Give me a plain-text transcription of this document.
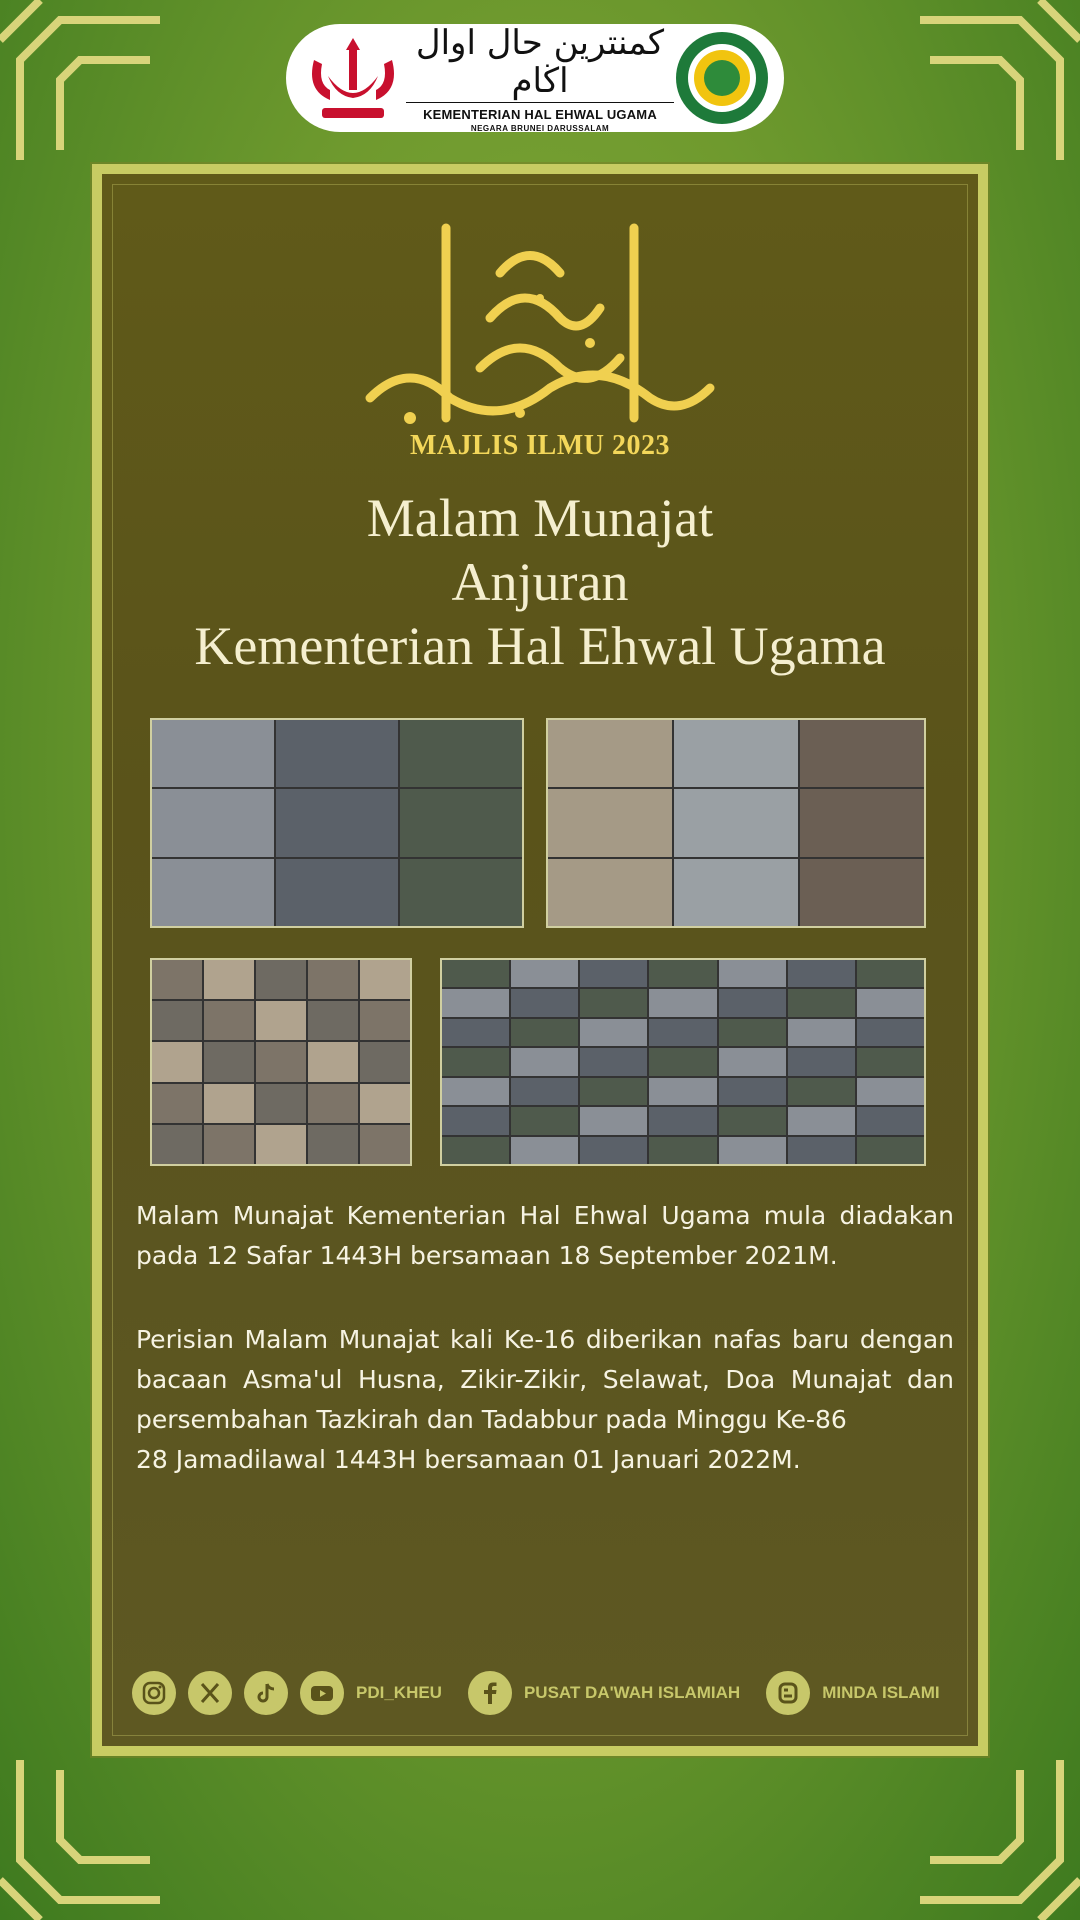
كمنترين حال اوال اڬام
KEMENTERIAN HAL EHWAL UGAMA
NEGARA BRUNEI DARUSSALAM
MAJLIS ILMU 2023
Malam Munajat
Anjuran
Kementerian Hal Ehwal Ugama

Malam Munajat Kementerian Hal Ehwal Ugama mula diadakan pada 12 Safar 1443H bersamaan 18 September 2021M.

Perisian Malam Munajat kali Ke-16 diberikan nafas baru dengan bacaan Asma'ul Husna, Zikir-Zikir, Selawat, Doa Munajat dan persembahan Tazkirah dan Tadabbur pada Minggu Ke-86
28 Jamadilawal 1443H bersamaan 01 Januari 2022M.

PDI_KHEU	PUSAT DA'WAH ISLAMIAH	MINDA ISLAMI
